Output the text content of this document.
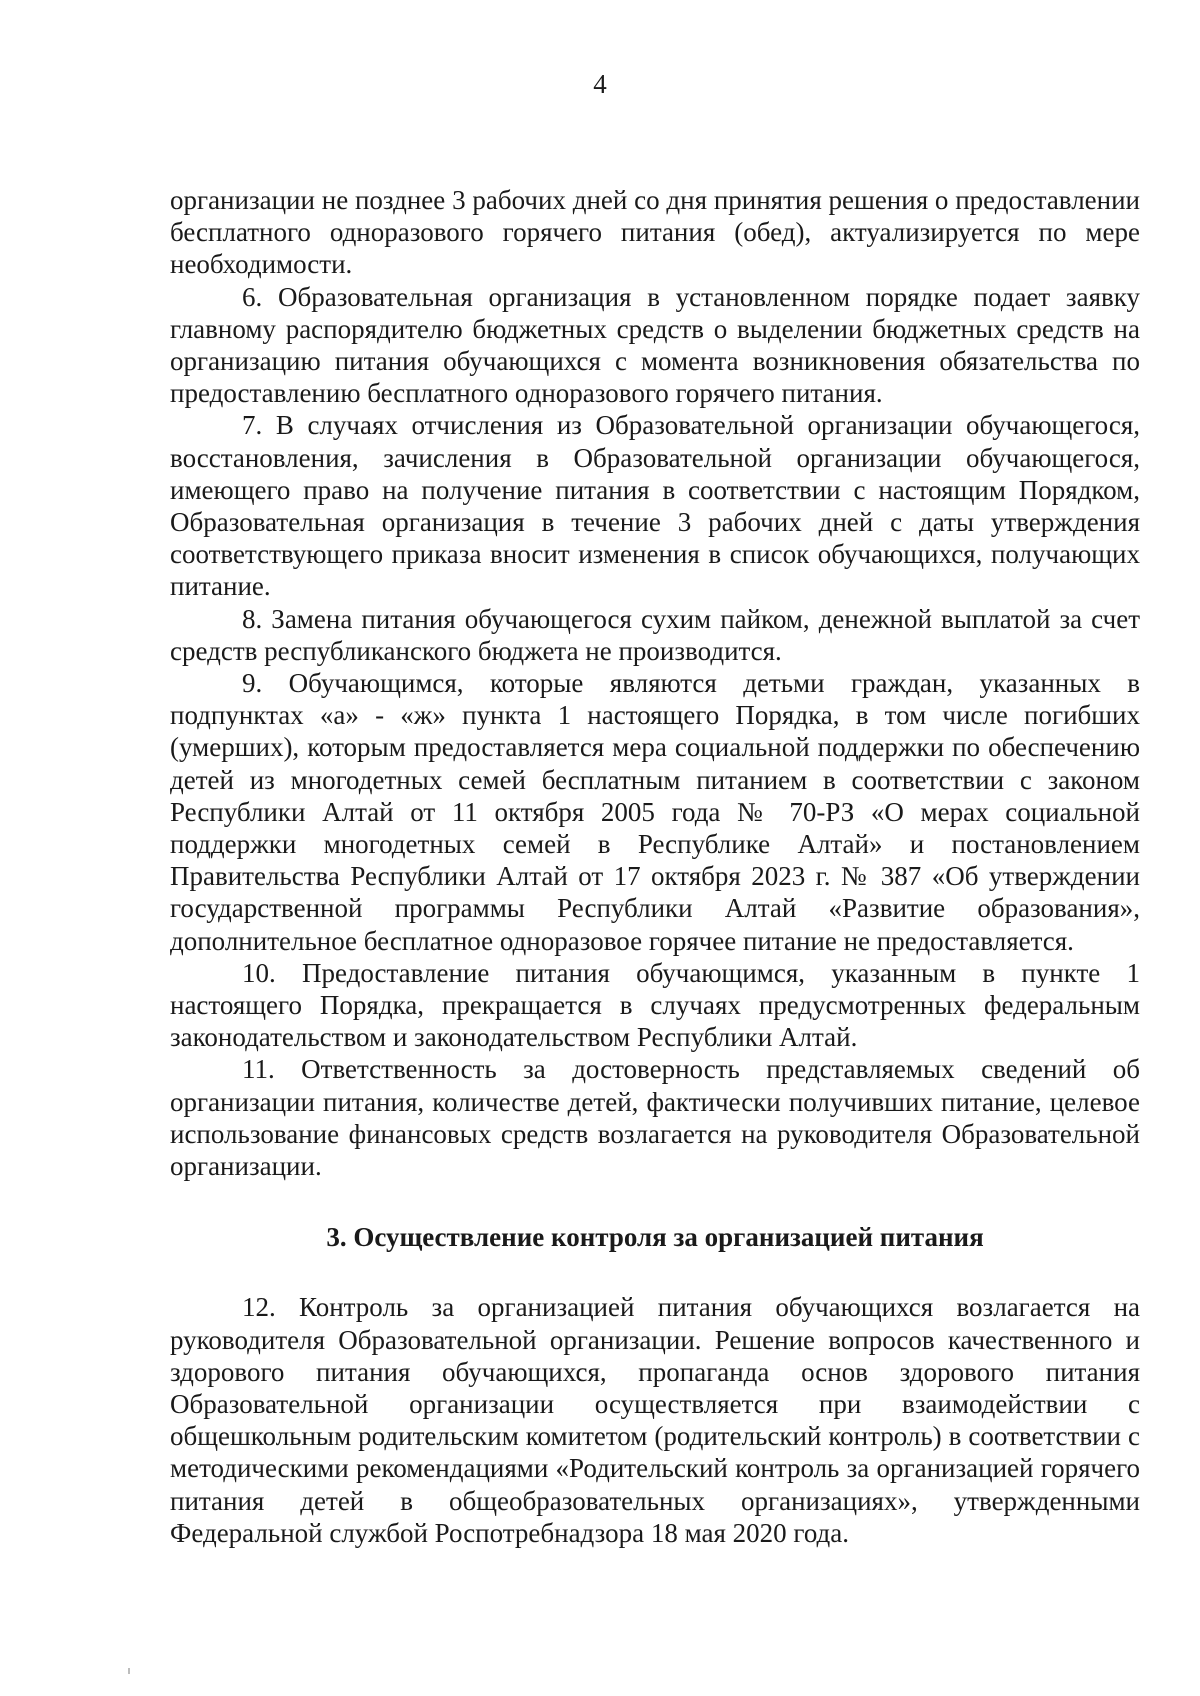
4

организации не позднее 3 рабочих дней со дня принятия решения о предоставлении бесплатного одноразового горячего питания (обед), актуализируется по мере необходимости.

6. Образовательная организация в установленном порядке подает заявку главному распорядителю бюджетных средств о выделении бюджетных средств на организацию питания обучающихся с момента возникновения обязательства по предоставлению бесплатного одноразового горячего питания.

7. В случаях отчисления из Образовательной организации обучающегося, восстановления, зачисления в Образовательной организации обучающегося, имеющего право на получение питания в соответствии с настоящим Порядком, Образовательная организация в течение 3 рабочих дней с даты утверждения соответствующего приказа вносит изменения в список обучающихся, получающих питание.

8. Замена питания обучающегося сухим пайком, денежной выплатой за счет средств республиканского бюджета не производится.

9. Обучающимся, которые являются детьми граждан, указанных в подпунктах «а» - «ж» пункта 1 настоящего Порядка, в том числе погибших (умерших), которым предоставляется мера социальной поддержки по обеспечению детей из многодетных семей бесплатным питанием в соответствии с законом Республики Алтай от 11 октября 2005 года № 70-РЗ «О мерах социальной поддержки многодетных семей в Республике Алтай» и постановлением Правительства Республики Алтай от 17 октября 2023 г. № 387 «Об утверждении государственной программы Республики Алтай «Развитие образования», дополнительное бесплатное одноразовое горячее питание не предоставляется.

10. Предоставление питания обучающимся, указанным в пункте 1 настоящего Порядка, прекращается в случаях предусмотренных федеральным законодательством и законодательством Республики Алтай.

11. Ответственность за достоверность представляемых сведений об организации питания, количестве детей, фактически получивших питание, целевое использование финансовых средств возлагается на руководителя Образовательной организации.

3. Осуществление контроля за организацией питания

12. Контроль за организацией питания обучающихся возлагается на руководителя Образовательной организации. Решение вопросов качественного и здорового питания обучающихся, пропаганда основ здорового питания Образовательной организации осуществляется при взаимодействии с общешкольным родительским комитетом (родительский контроль) в соответствии с методическими рекомендациями «Родительский контроль за организацией горячего питания детей в общеобразовательных организациях», утвержденными Федеральной службой Роспотребнадзора 18 мая 2020 года.
